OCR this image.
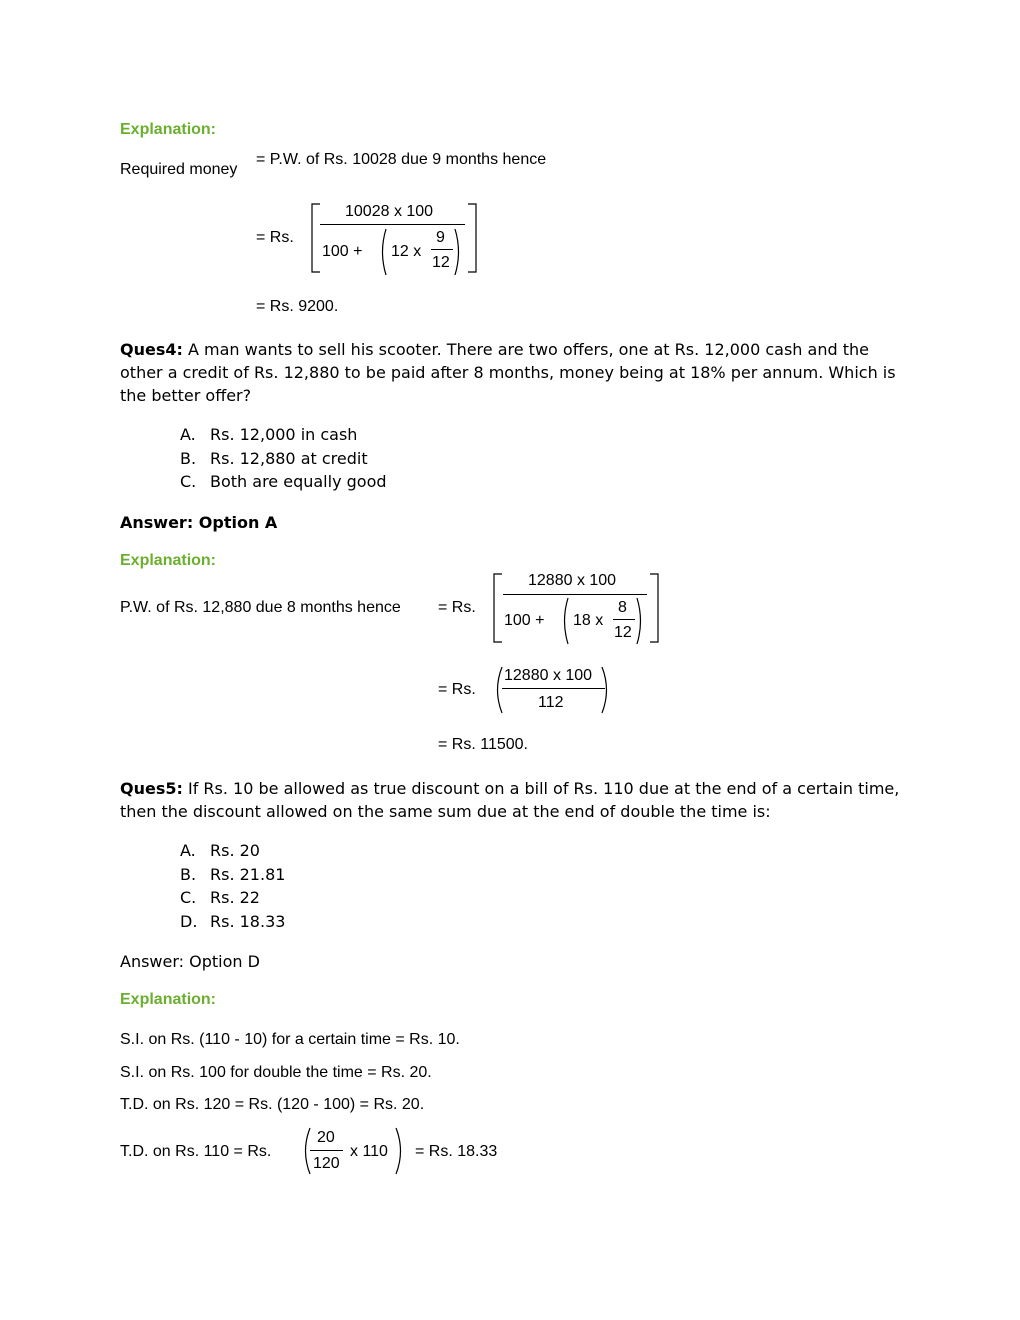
Explanation:
Required money
= P.W. of Rs. 10028 due 9 months hence
= Rs.
10028 x 100
100 + 12 x
9
12
= Rs. 9200.
Ques4: A man wants to sell his scooter. There are two offers, one at Rs. 12,000 cash and the other a credit of Rs. 12,880 to be paid after 8 months, money being at 18% per annum. Which is the better offer?
A. Rs. 12,000 in cash
B. Rs. 12,880 at credit
C. Both are equally good
Answer: Option A
Explanation:
P.W. of Rs. 12,880 due 8 months hence = Rs.
12880 x 100
100 + 18 x
8
12
= Rs.
12880 x 100
112
= Rs. 11500.
Ques5: If Rs. 10 be allowed as true discount on a bill of Rs. 110 due at the end of a certain time, then the discount allowed on the same sum due at the end of double the time is:
A. Rs. 20
B. Rs. 21.81
C. Rs. 22
D. Rs. 18.33
Answer: Option D
Explanation:
S.I. on Rs. (110 - 10) for a certain time = Rs. 10.
S.I. on Rs. 100 for double the time = Rs. 20.
T.D. on Rs. 120 = Rs. (120 - 100) = Rs. 20.
T.D. on Rs. 110 = Rs.
20
120
x 110 = Rs. 18.33
